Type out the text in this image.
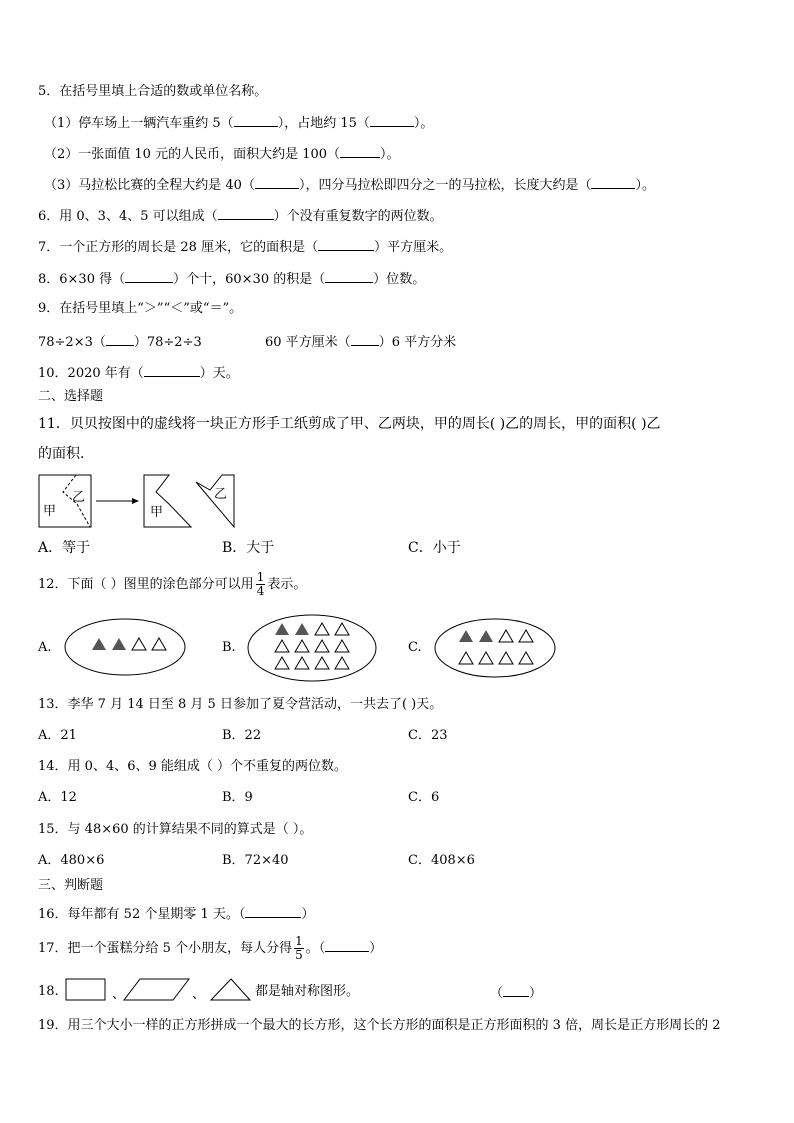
5．在括号里填上合适的数或单位名称。
（1）停车场上一辆汽车重约 5（	），占地约 15（	）。
（2）一张面值 10 元的人民币，面积大约是 100（	）。
（3）马拉松比赛的全程大约是 40（	），四分马拉松即四分之一的马拉松，长度大约是（	）。
6．用 0、3、4、5 可以组成（	）个没有重复数字的两位数。
7．一个正方形的周长是 28 厘米，它的面积是（	）平方厘米。
8．6×30 得（	）个十，60×30 的积是（	）位数。
9．在括号里填上“＞”“＜”或“＝”。
78÷2×3（ ）78÷2÷3	60 平方厘米（ ）6 平方分米
10．2020 年有（	）天。
二、选择题
11．贝贝按图中的虚线将一块正方形手工纸剪成了甲、乙两块，甲的周长( )乙的周长，甲的面积( )乙
的面积.
甲
乙
甲
乙
A．等于	B．大于	C．小于
12．下面（ ）图里的涂色部分可以用 $\frac{1}{4}$ 表示。
A.	B.	C.
13．李华 7 月 14 日至 8 月 5 日参加了夏令营活动，一共去了( )天。
A．21	B．22	C．23
14．用 0、4、6、9 能组成（ ）个不重复的两位数。
A．12	B．9	C．6
15．与 48×60 的计算结果不同的算式是（ ）。
A．480×6	B．72×40	C．408×6
三、判断题
16．每年都有 52 个星期零 1 天。（	）
17．把一个蛋糕分给 5 个小朋友，每人分得 $\frac{1}{5}$ 。（	）
18.	、	、	都是轴对称图形。	（ ）
19．用三个大小一样的正方形拼成一个最大的长方形，这个长方形的面积是正方形面积的 3 倍，周长是正方形周长的 2
